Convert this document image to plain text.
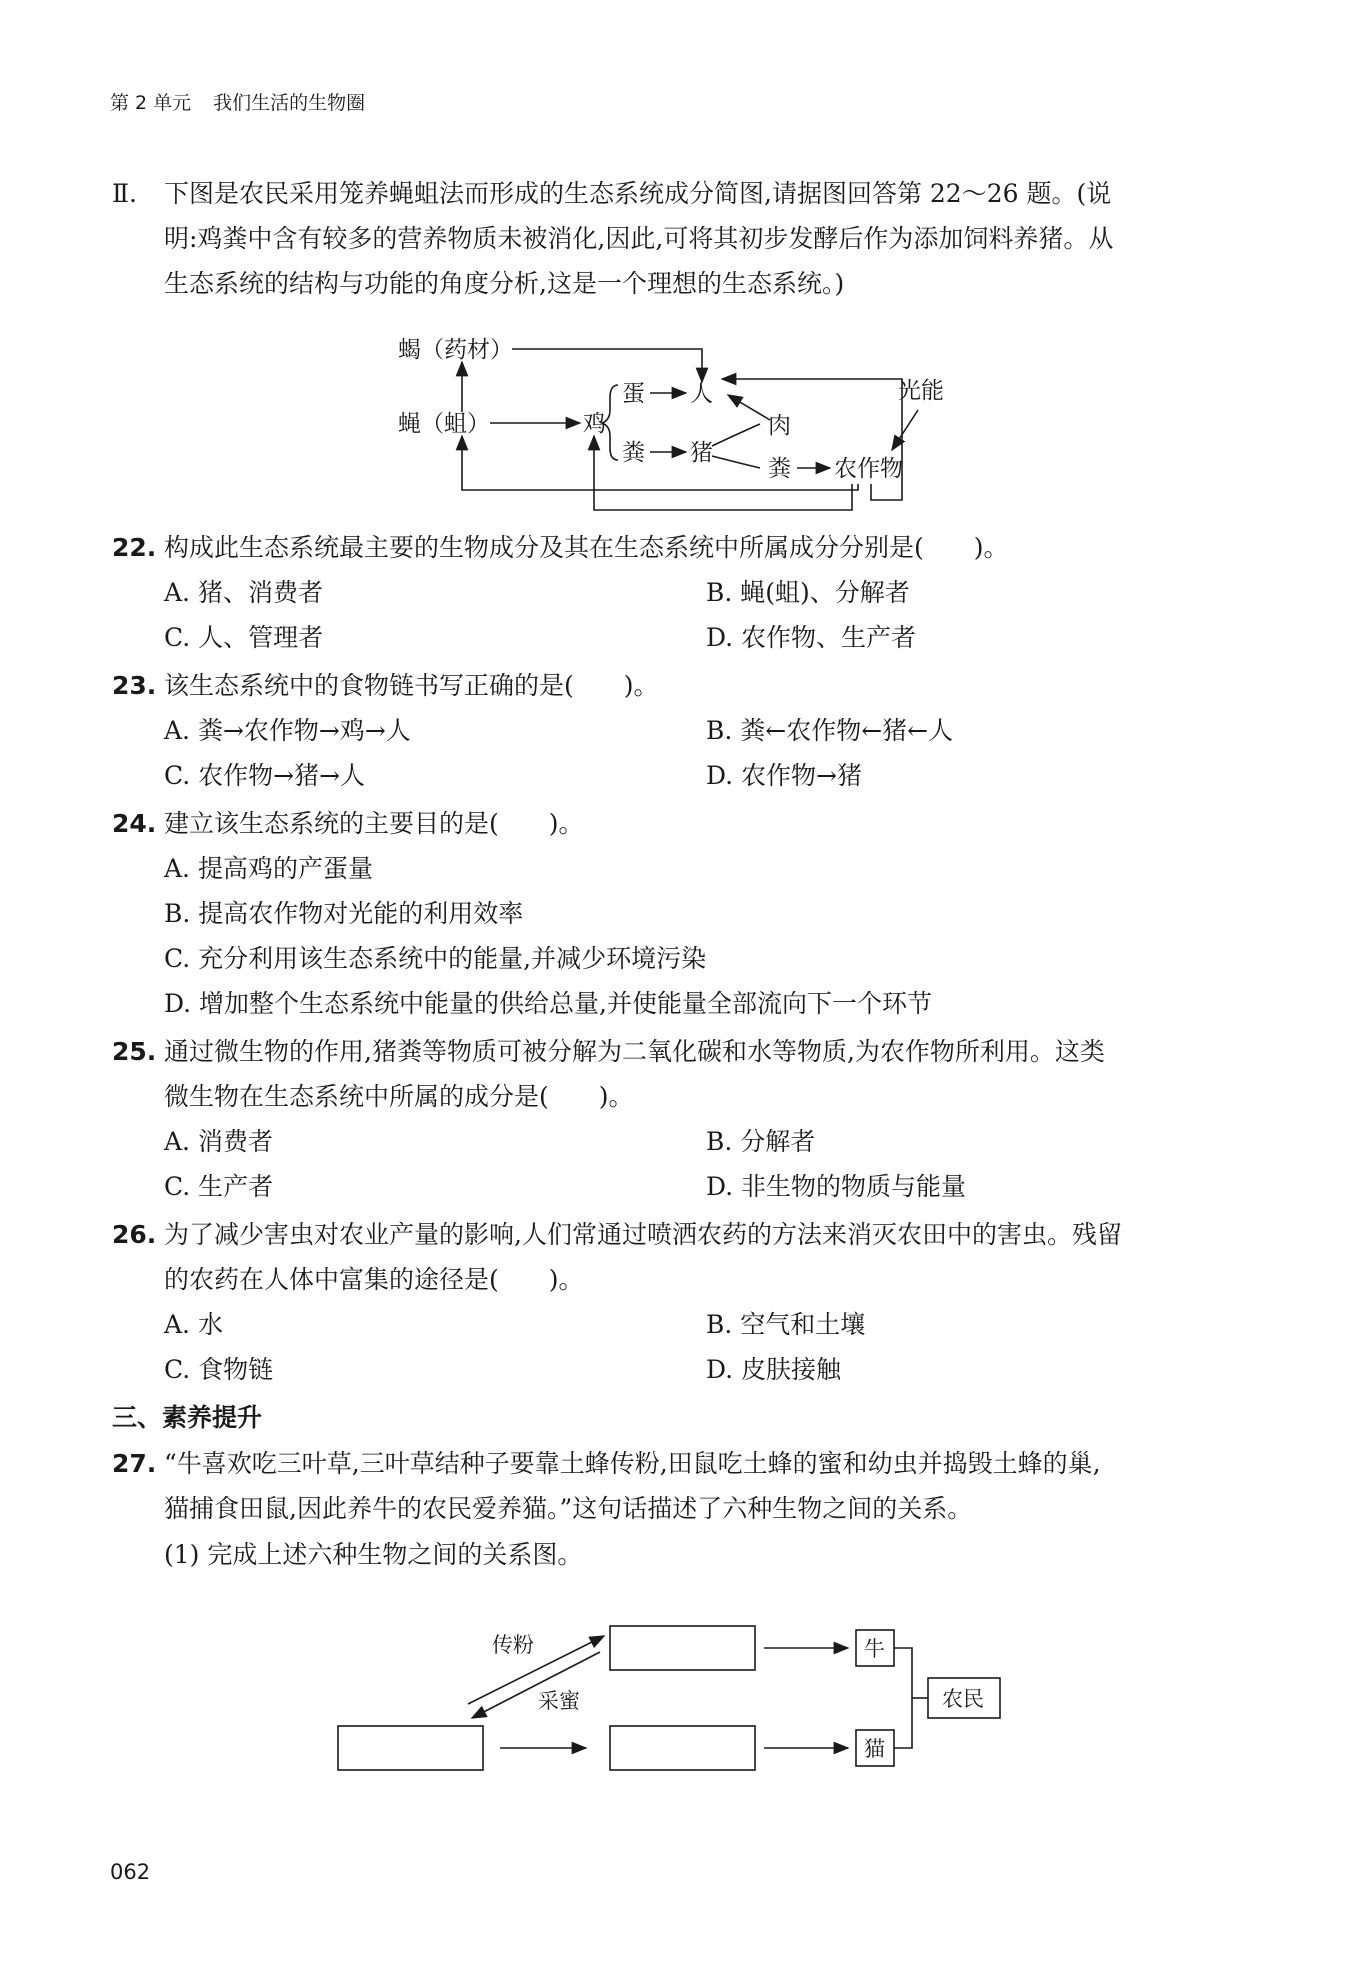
第 2 单元 我们生活的生物圈
Ⅱ. 下图是农民采用笼养蝇蛆法而形成的生态系统成分简图,请据图回答第 22～26 题。(说
明:鸡粪中含有较多的营养物质未被消化,因此,可将其初步发酵后作为添加饲料养猪。从
生态系统的结构与功能的角度分析,这是一个理想的生态系统。)
蝎（药材）
蝇（蛆）	鸡
蛋 人
粪 猪
肉
粪 农作物
光能
22. 构成此生态系统最主要的生物成分及其在生态系统中所属成分分别是(　　)。
A. 猪、消费者	B. 蝇(蛆)、分解者
C. 人、管理者	D. 农作物、生产者
23. 该生态系统中的食物链书写正确的是(　　)。
A. 粪→农作物→鸡→人	B. 粪←农作物←猪←人
C. 农作物→猪→人	D. 农作物→猪
24. 建立该生态系统的主要目的是(　　)。
A. 提高鸡的产蛋量
B. 提高农作物对光能的利用效率
C. 充分利用该生态系统中的能量,并减少环境污染
D. 增加整个生态系统中能量的供给总量,并使能量全部流向下一个环节
25. 通过微生物的作用,猪粪等物质可被分解为二氧化碳和水等物质,为农作物所利用。这类
微生物在生态系统中所属的成分是(　　)。
A. 消费者	B. 分解者
C. 生产者	D. 非生物的物质与能量
26. 为了减少害虫对农业产量的影响,人们常通过喷洒农药的方法来消灭农田中的害虫。残留
的农药在人体中富集的途径是(　　)。
A. 水	B. 空气和土壤
C. 食物链	D. 皮肤接触
三、素养提升
27. “牛喜欢吃三叶草,三叶草结种子要靠土蜂传粉,田鼠吃土蜂的蜜和幼虫并捣毁土蜂的巢,
猫捕食田鼠,因此养牛的农民爱养猫。”这句话描述了六种生物之间的关系。
(1) 完成上述六种生物之间的关系图。
传粉
采蜜
牛
猫
农民
062
